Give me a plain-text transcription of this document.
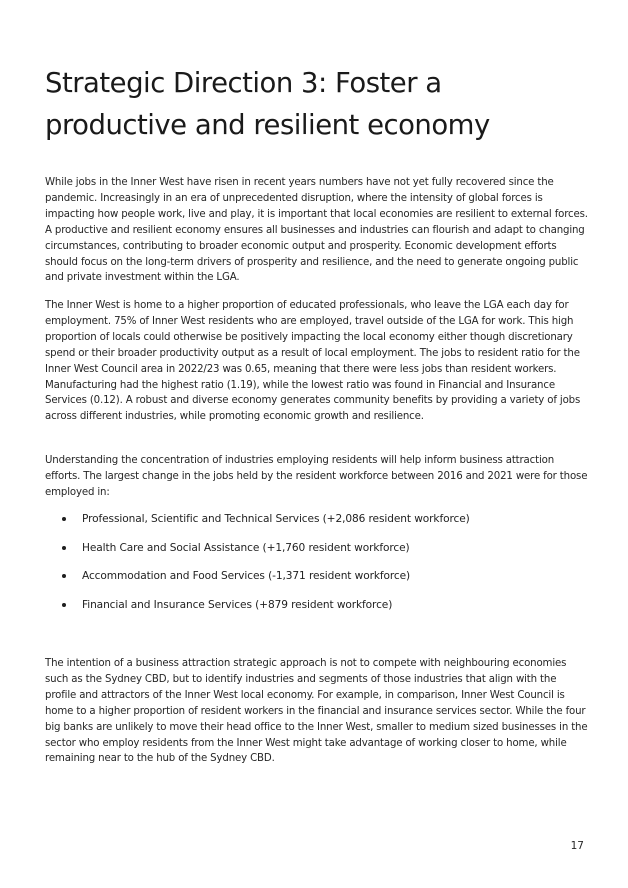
Strategic Direction 3: Foster a productive and resilient economy

While jobs in the Inner West have risen in recent years numbers have not yet fully recovered since the pandemic. Increasingly in an era of unprecedented disruption, where the intensity of global forces is impacting how people work, live and play, it is important that local economies are resilient to external forces. A productive and resilient economy ensures all businesses and industries can flourish and adapt to changing circumstances, contributing to broader economic output and prosperity. Economic development efforts should focus on the long-term drivers of prosperity and resilience, and the need to generate ongoing public and private investment within the LGA.

The Inner West is home to a higher proportion of educated professionals, who leave the LGA each day for employment. 75% of Inner West residents who are employed, travel outside of the LGA for work. This high proportion of locals could otherwise be positively impacting the local economy either though discretionary spend or their broader productivity output as a result of local employment. The jobs to resident ratio for the Inner West Council area in 2022/23 was 0.65, meaning that there were less jobs than resident workers. Manufacturing had the highest ratio (1.19), while the lowest ratio was found in Financial and Insurance Services (0.12). A robust and diverse economy generates community benefits by providing a variety of jobs across different industries, while promoting economic growth and resilience.

Understanding the concentration of industries employing residents will help inform business attraction efforts. The largest change in the jobs held by the resident workforce between 2016 and 2021 were for those employed in:

Professional, Scientific and Technical Services (+2,086 resident workforce)
Health Care and Social Assistance (+1,760 resident workforce)
Accommodation and Food Services (-1,371 resident workforce)
Financial and Insurance Services (+879 resident workforce)

The intention of a business attraction strategic approach is not to compete with neighbouring economies such as the Sydney CBD, but to identify industries and segments of those industries that align with the profile and attractors of the Inner West local economy. For example, in comparison, Inner West Council is home to a higher proportion of resident workers in the financial and insurance services sector. While the four big banks are unlikely to move their head office to the Inner West, smaller to medium sized businesses in the sector who employ residents from the Inner West might take advantage of working closer to home, while remaining near to the hub of the Sydney CBD.

17
